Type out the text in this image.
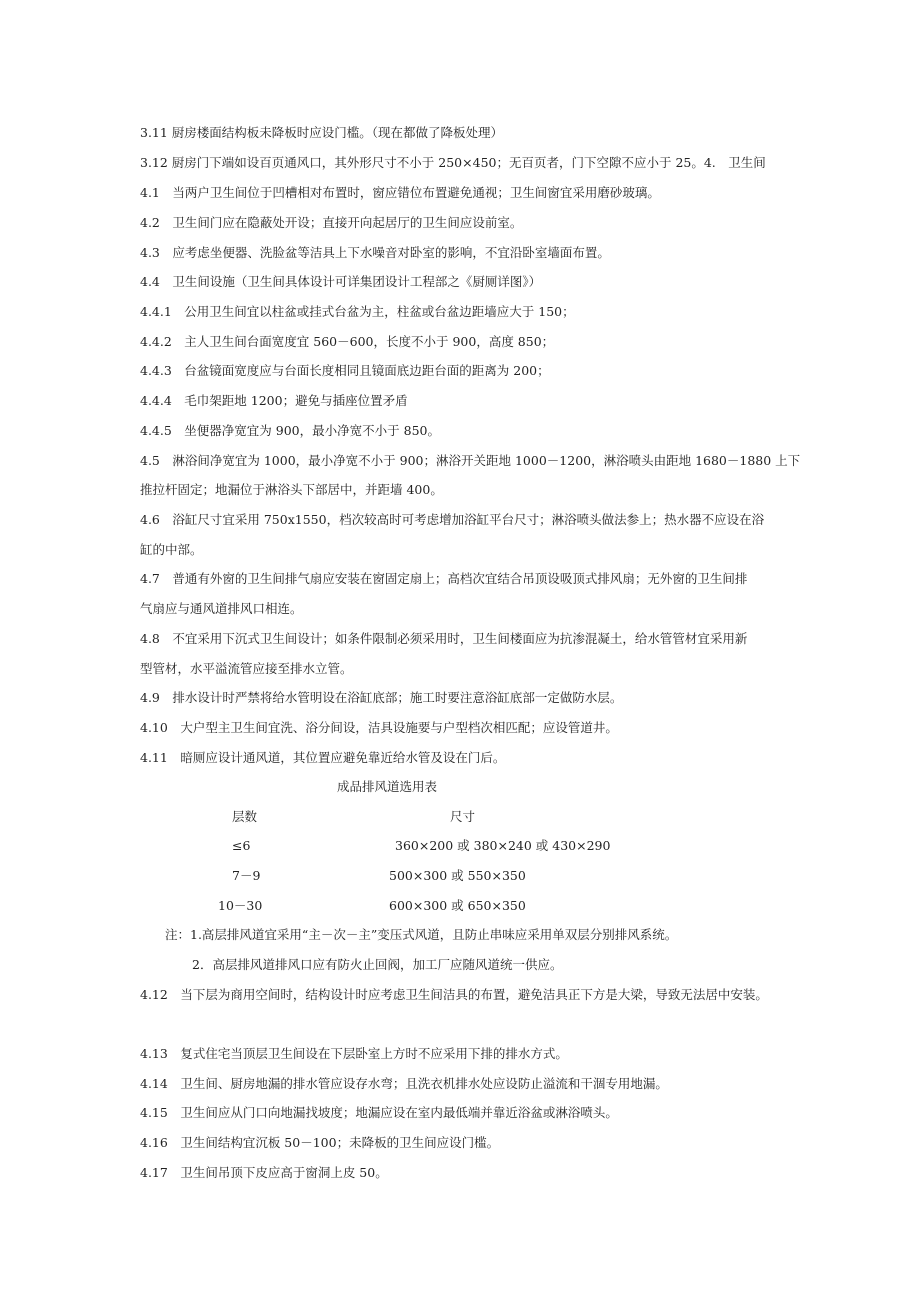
3.11 厨房楼面结构板未降板时应设门槛。（现在都做了降板处理）
3.12 厨房门下端如设百页通风口，其外形尺寸不小于 250×450；无百页者，门下空隙不应小于 25。4.　卫生间
4.1　当两户卫生间位于凹槽相对布置时，窗应错位布置避免通视；卫生间窗宜采用磨砂玻璃。
4.2　卫生间门应在隐蔽处开设；直接开向起居厅的卫生间应设前室。
4.3　应考虑坐便器、洗脸盆等洁具上下水噪音对卧室的影响，不宜沿卧室墙面布置。
4.4　卫生间设施（卫生间具体设计可详集团设计工程部之《厨厕详图》）
4.4.1　公用卫生间宜以柱盆或挂式台盆为主，柱盆或台盆边距墙应大于 150；
4.4.2　主人卫生间台面宽度宜 560－600，长度不小于 900，高度 850；
4.4.3　台盆镜面宽度应与台面长度相同且镜面底边距台面的距离为 200；
4.4.4　毛巾架距地 1200；避免与插座位置矛盾
4.4.5　坐便器净宽宜为 900，最小净宽不小于 850。
4.5　淋浴间净宽宜为 1000，最小净宽不小于 900；淋浴开关距地 1000－1200，淋浴喷头由距地 1680－1880 上下
推拉杆固定；地漏位于淋浴头下部居中，并距墙 400。
4.6　浴缸尺寸宜采用 750x1550，档次较高时可考虑增加浴缸平台尺寸；淋浴喷头做法参上；热水器不应设在浴
缸的中部。
4.7　普通有外窗的卫生间排气扇应安装在窗固定扇上；高档次宜结合吊顶设吸顶式排风扇；无外窗的卫生间排
气扇应与通风道排风口相连。
4.8　不宜采用下沉式卫生间设计；如条件限制必须采用时，卫生间楼面应为抗渗混凝土，给水管管材宜采用新
型管材，水平溢流管应接至排水立管。
4.9　排水设计时严禁将给水管明设在浴缸底部；施工时要注意浴缸底部一定做防水层。
4.10　大户型主卫生间宜洗、浴分间设，洁具设施要与户型档次相匹配；应设管道井。
4.11　暗厕应设计通风道，其位置应避免靠近给水管及设在门后。
成品排风道选用表
层数	尺寸
≤6	360×200 或 380×240 或 430×290
7－9	500×300 或 550×350
10－30	600×300 或 650×350
注：1.高层排风道宜采用“主－次－主”变压式风道，且防止串味应采用单双层分别排风系统。
2．高层排风道排风口应有防火止回阀，加工厂应随风道统一供应。
4.12　当下层为商用空间时，结构设计时应考虑卫生间洁具的布置，避免洁具正下方是大梁，导致无法居中安装。
4.13　复式住宅当顶层卫生间设在下层卧室上方时不应采用下排的排水方式。
4.14　卫生间、厨房地漏的排水管应设存水弯；且洗衣机排水处应设防止溢流和干涸专用地漏。
4.15　卫生间应从门口向地漏找坡度；地漏应设在室内最低端并靠近浴盆或淋浴喷头。
4.16　卫生间结构宜沉板 50－100；未降板的卫生间应设门槛。
4.17　卫生间吊顶下皮应高于窗洞上皮 50。
